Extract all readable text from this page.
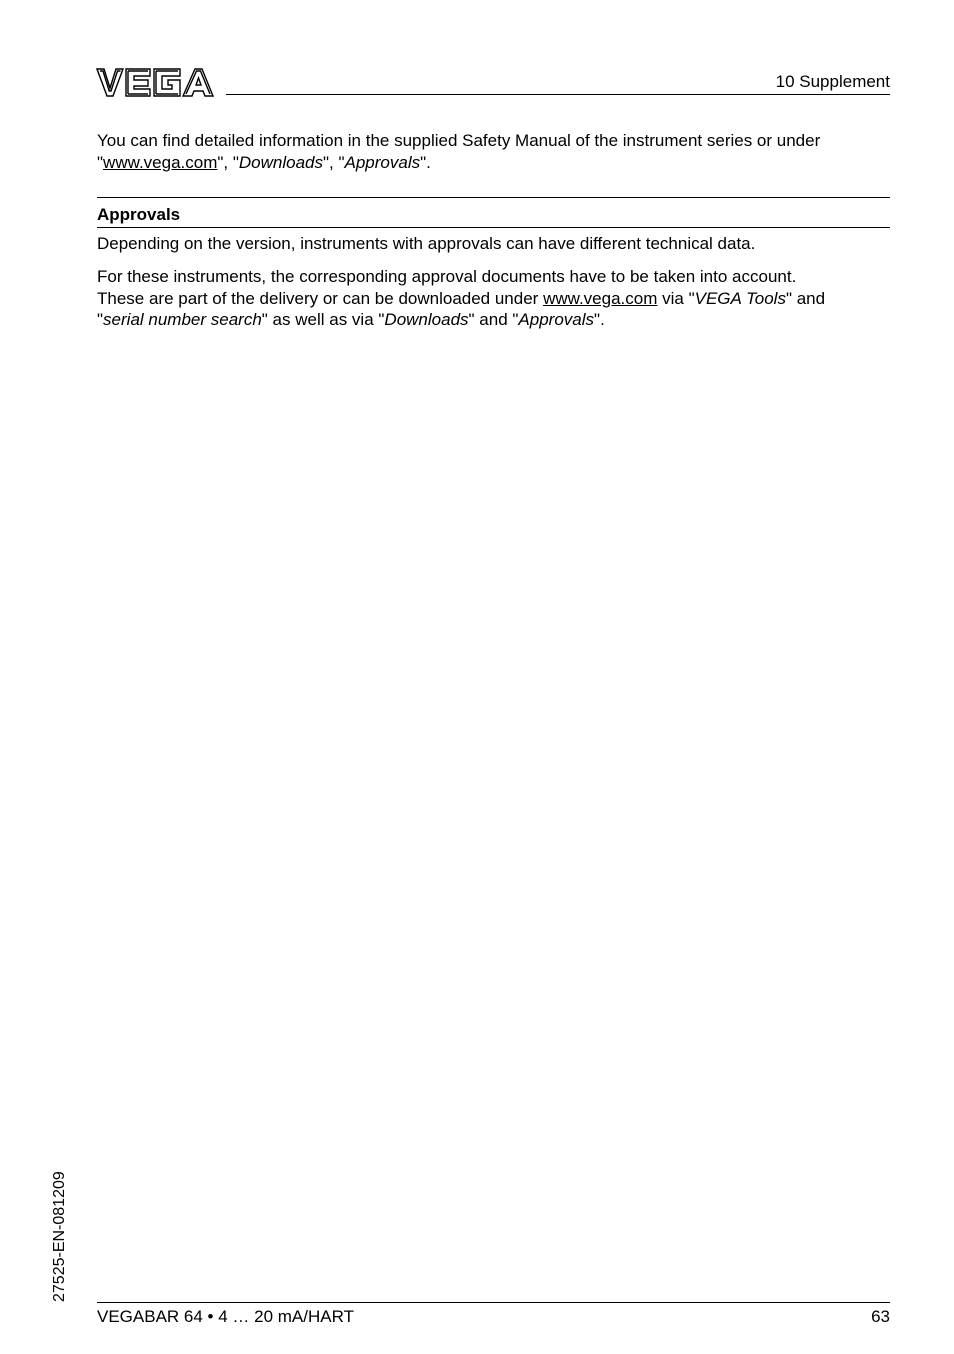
10 Supplement
You can find detailed information in the supplied Safety Manual of the instrument series or under
"www.vega.com", "Downloads", "Approvals".
Approvals
Depending on the version, instruments with approvals can have different technical data.
For these instruments, the corresponding approval documents have to be taken into account.
These are part of the delivery or can be downloaded under www.vega.com via "VEGA Tools" and
"serial number search" as well as via "Downloads" and "Approvals".
27525-EN-081209
VEGABAR 64 • 4 … 20 mA/HART	63
